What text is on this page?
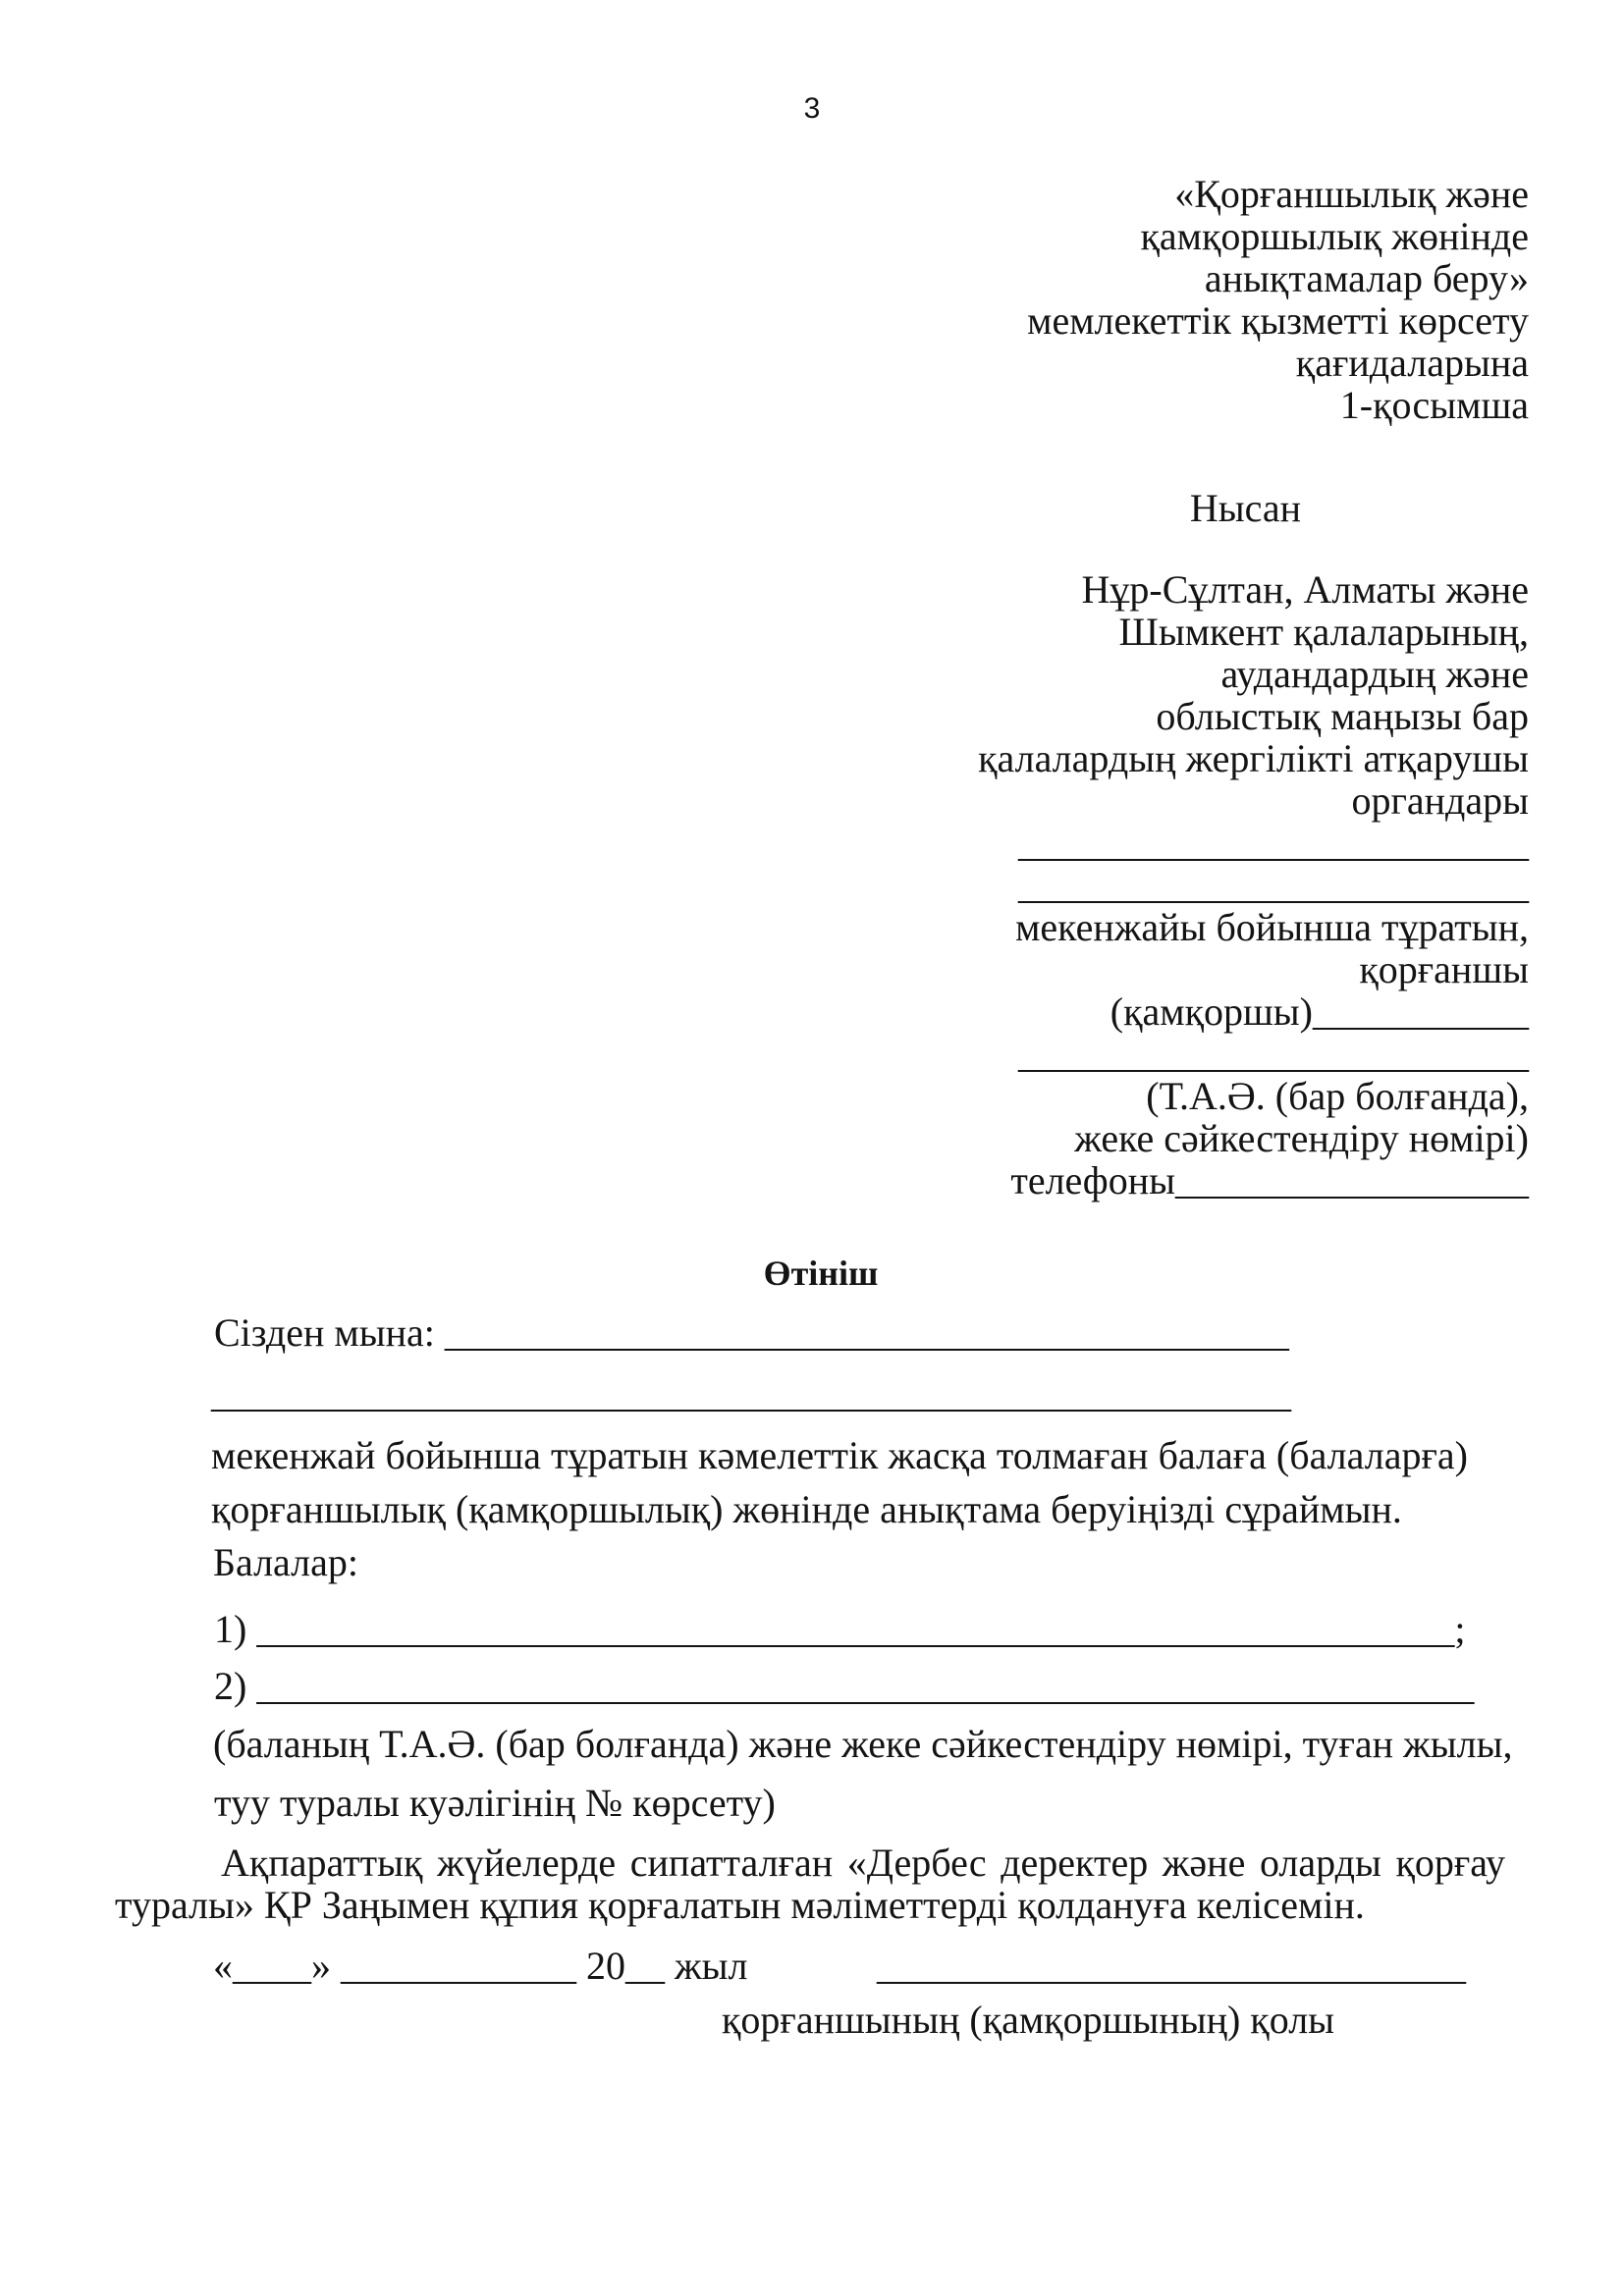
3
«Қорғаншылық және
қамқоршылық жөнінде
анықтамалар беру»
мемлекеттік қызметті көрсету
қағидаларына
1-қосымша
Нысан
Нұр-Сұлтан, Алматы және
Шымкент қалаларының,
аудандардың және
облыстық маңызы бар
қалалардың жергілікті атқарушы
органдары
__________________________
__________________________
мекенжайы бойынша тұратын,
қорғаншы
(қамқоршы)___________
__________________________
(Т.А.Ә. (бар болғанда),
жеке сәйкестендіру нөмірі)
телефоны__________________
Өтініш
Сізден мына: ___________________________________________
_______________________________________________________
мекенжай бойынша тұратын кәмелеттік жасқа толмаған балаға (балаларға)
қорғаншылық (қамқоршылық) жөнінде анықтама беруіңізді сұраймын.
Балалар:
1) _____________________________________________________________;
2) ______________________________________________________________
(баланың Т.А.Ә. (бар болғанда) және жеке сәйкестендіру нөмірі, туған жылы,
туу туралы куәлігінің № көрсету)
Ақпараттық жүйелерде сипатталған «Дербес деректер және оларды қорғау
туралы» ҚР Заңымен құпия қорғалатын мәліметтерді қолдануға келісемін.
«____» ____________ 20__ жыл	______________________________
қорғаншының (қамқоршының) қолы
